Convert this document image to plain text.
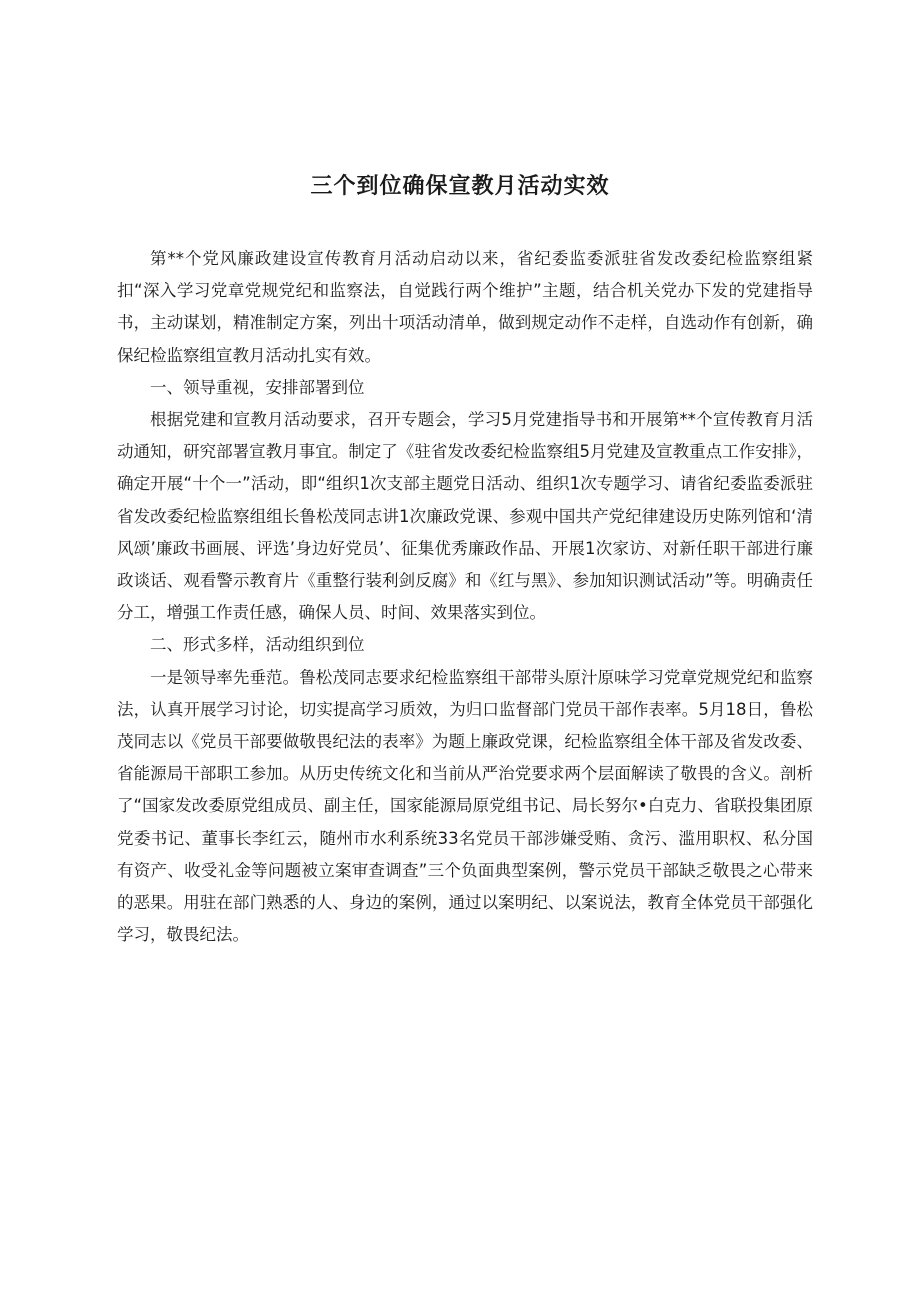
三个到位确保宣教月活动实效

第**个党风廉政建设宣传教育月活动启动以来，省纪委监委派驻省发改委纪检监察组紧扣“深入学习党章党规党纪和监察法，自觉践行两个维护”主题，结合机关党办下发的党建指导书，主动谋划，精准制定方案，列出十项活动清单，做到规定动作不走样，自选动作有创新，确保纪检监察组宣教月活动扎实有效。

一、领导重视，安排部署到位

根据党建和宣教月活动要求，召开专题会，学习5月党建指导书和开展第**个宣传教育月活动通知，研究部署宣教月事宜。制定了《驻省发改委纪检监察组5月党建及宣教重点工作安排》，确定开展“十个一”活动，即“组织1次支部主题党日活动、组织1次专题学习、请省纪委监委派驻省发改委纪检监察组组长鲁松茂同志讲1次廉政党课、参观中国共产党纪律建设历史陈列馆和‘清风颂’廉政书画展、评选’身边好党员’、征集优秀廉政作品、开展1次家访、对新任职干部进行廉政谈话、观看警示教育片《重整行装利剑反腐》和《红与黑》、参加知识测试活动”等。明确责任分工，增强工作责任感，确保人员、时间、效果落实到位。

二、形式多样，活动组织到位

一是领导率先垂范。鲁松茂同志要求纪检监察组干部带头原汁原味学习党章党规党纪和监察法，认真开展学习讨论，切实提高学习质效，为归口监督部门党员干部作表率。5月18日，鲁松茂同志以《党员干部要做敬畏纪法的表率》为题上廉政党课，纪检监察组全体干部及省发改委、省能源局干部职工参加。从历史传统文化和当前从严治党要求两个层面解读了敬畏的含义。剖析了“国家发改委原党组成员、副主任，国家能源局原党组书记、局长努尔•白克力、省联投集团原党委书记、董事长李红云，随州市水利系统33名党员干部涉嫌受贿、贪污、滥用职权、私分国有资产、收受礼金等问题被立案审查调查”三个负面典型案例，警示党员干部缺乏敬畏之心带来的恶果。用驻在部门熟悉的人、身边的案例，通过以案明纪、以案说法，教育全体党员干部强化学习，敬畏纪法。
